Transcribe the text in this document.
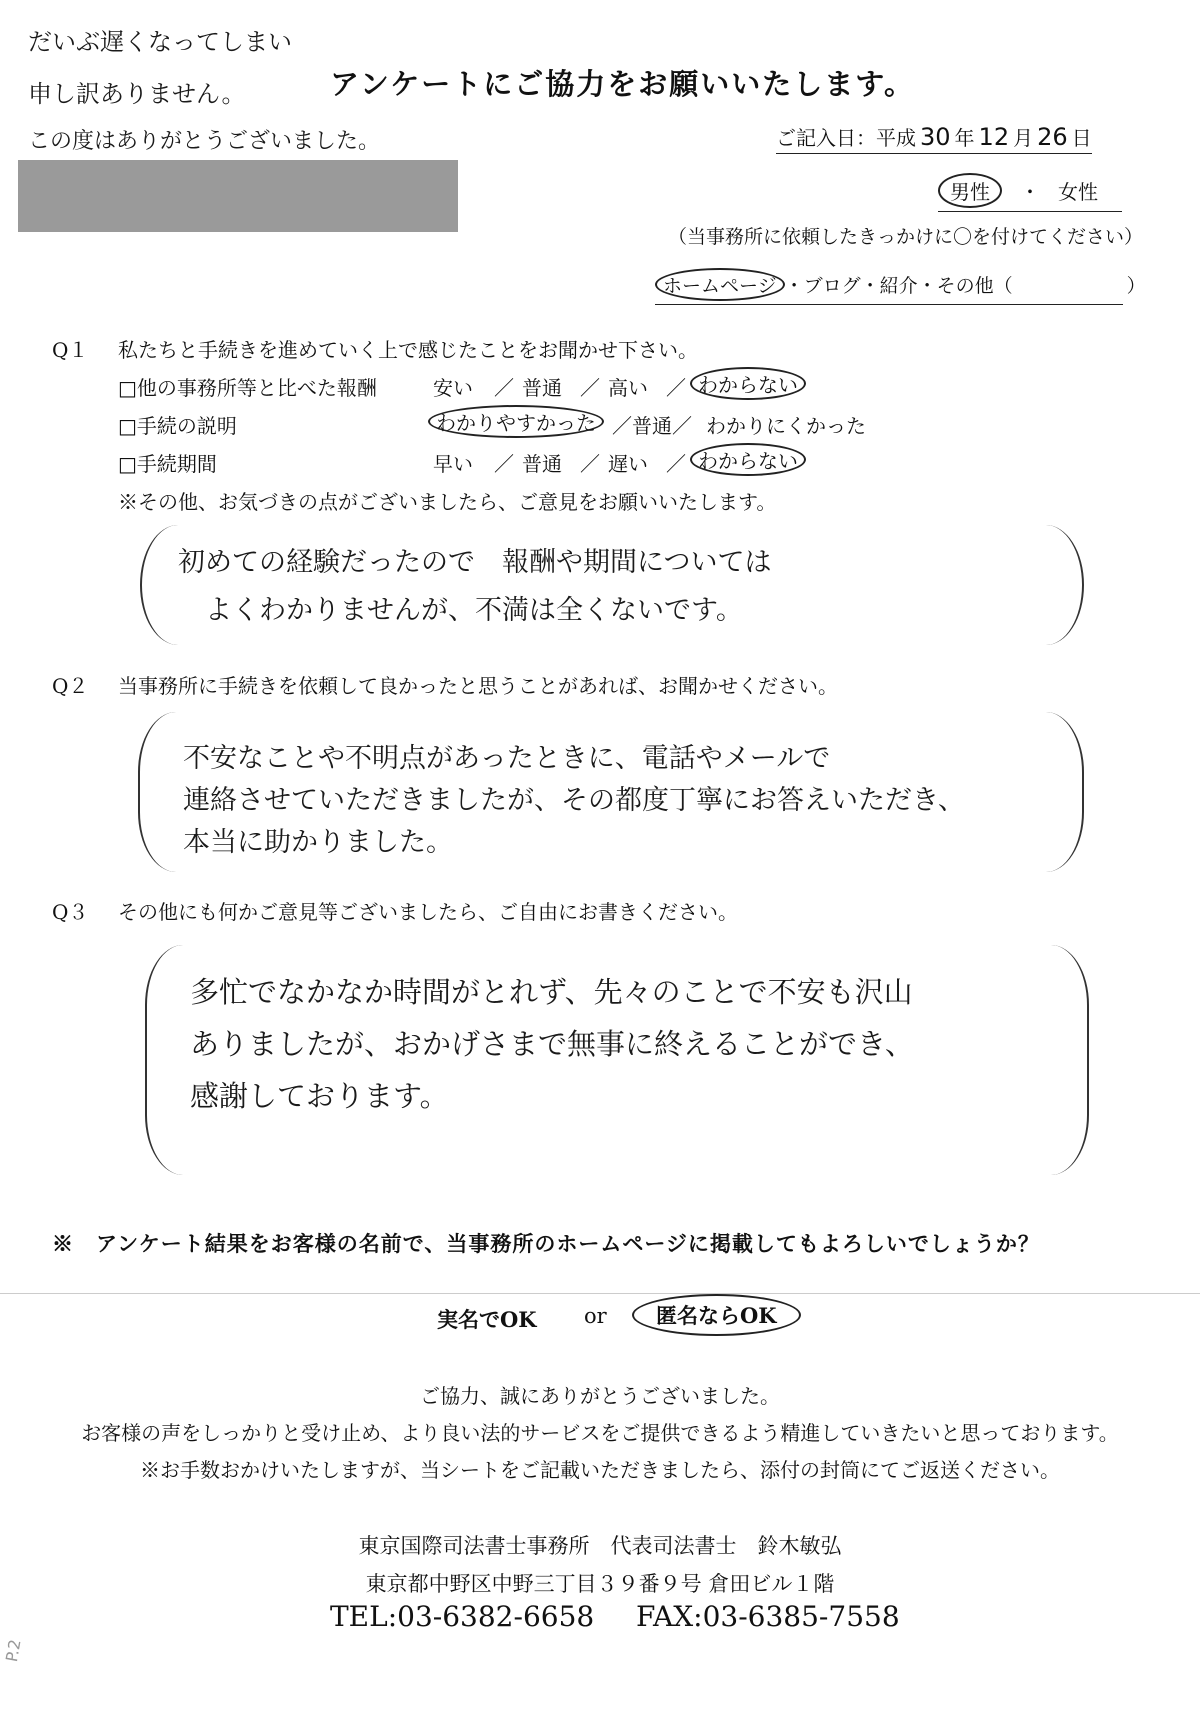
だいぶ遅くなってしまい
申し訳ありません。
この度はありがとうございました。
アンケートにご協力をお願いいたします。
ご記入日：平成 30 年 12 月 26 日
男性 ・ 女性
（当事務所に依頼したきっかけに〇を付けてください）
ホームページ ・ブログ・紹介・その他（　　　　　　）
Q１ 私たちと手続きを進めていく上で感じたことをお聞かせ下さい。
□他の事務所等と比べた報酬	安い ／ 普通 ／ 高い ／ わからない
□手続の説明	わかりやすかった ／普通／ わかりにくかった
□手続期間	早い ／ 普通 ／ 遅い ／ わからない
※その他、お気づきの点がございましたら、ご意見をお願いいたします。
初めての経験だったので　報酬や期間については
よくわかりませんが、不満は全くないです。
Q２ 当事務所に手続きを依頼して良かったと思うことがあれば、お聞かせください。
不安なことや不明点があったときに、電話やメールで
連絡させていただきましたが、その都度丁寧にお答えいただき、
本当に助かりました。
Q３ その他にも何かご意見等ございましたら、ご自由にお書きください。
多忙でなかなか時間がとれず、先々のことで不安も沢山
ありましたが、おかげさまで無事に終えることができ、
感謝しております。
※　アンケート結果をお客様の名前で、当事務所のホームページに掲載してもよろしいでしょうか？
実名でOK or	匿名ならOK
ご協力、誠にありがとうございました。
お客様の声をしっかりと受け止め、より良い法的サービスをご提供できるよう精進していきたいと思っております。
※お手数おかけいたしますが、当シートをご記載いただきましたら、添付の封筒にてご返送ください。
東京国際司法書士事務所　代表司法書士　鈴木敏弘
東京都中野区中野三丁目３９番９号 倉田ビル１階
TEL:03-6382-6658 FAX:03-6385-7558
P.2
